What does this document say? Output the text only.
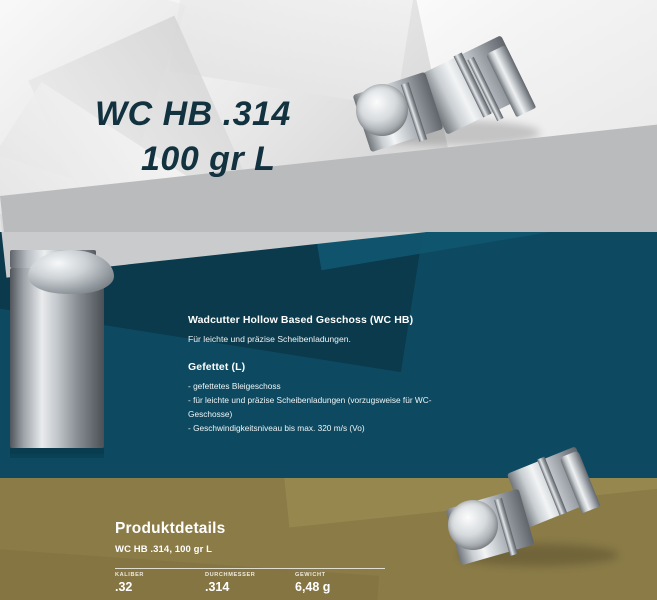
WC HB .314
100 gr L
Wadcutter Hollow Based Geschoss (WC HB)

Für leichte und präzise Scheibenladungen.

Gefettet (L)
- gefettetes Bleigeschoss
- für leichte und präzise Scheibenladungen (vorzugsweise für WC-
Geschosse)
- Geschwindigkeitsniveau bis max. 320 m/s (Vo)
Produktdetails

WC HB .314, 100 gr L

KALIBER
.32
DURCHMESSER
.314
GEWICHT
6,48 g
